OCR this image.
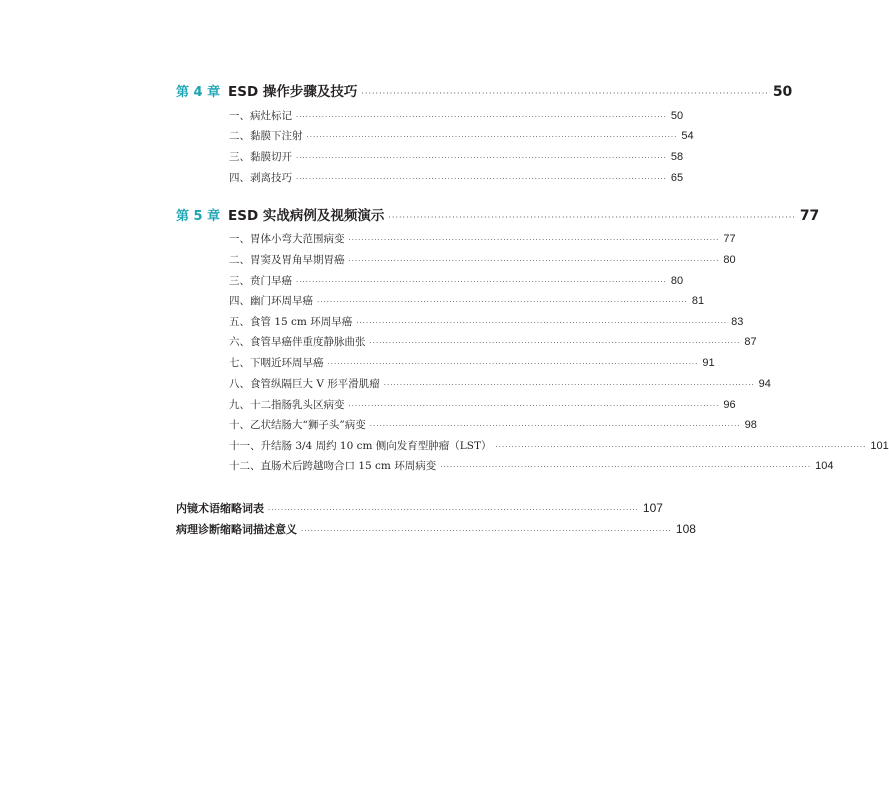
第 4 章 ESD 操作步骤及技巧 ··················································································································· 50
一、病灶标记 ··················································································································· 50
二、黏膜下注射 ··················································································································· 54
三、黏膜切开 ··················································································································· 58
四、剥离技巧 ··················································································································· 65
第 5 章 ESD 实战病例及视频演示 ··················································································································· 77
一、胃体小弯大范围病变 ··················································································································· 77
二、胃窦及胃角早期胃癌 ··················································································································· 80
三、贲门早癌 ··················································································································· 80
四、幽门环周早癌 ··················································································································· 81
五、食管 15 cm 环周早癌 ··················································································································· 83
六、食管早癌伴重度静脉曲张 ··················································································································· 87
七、下咽近环周早癌 ··················································································································· 91
八、食管纵隔巨大 V 形平滑肌瘤 ··················································································································· 94
九、十二指肠乳头区病变 ··················································································································· 96
十、乙状结肠大“狮子头”病变 ··················································································································· 98
十一、升结肠 3/4 周约 10 cm 侧向发育型肿瘤（LST） ··················································································································· 101
十二、直肠术后跨越吻合口 15 cm 环周病变 ··················································································································· 104
内镜术语缩略词表 ··················································································································· 107
病理诊断缩略词描述意义 ··················································································································· 108
